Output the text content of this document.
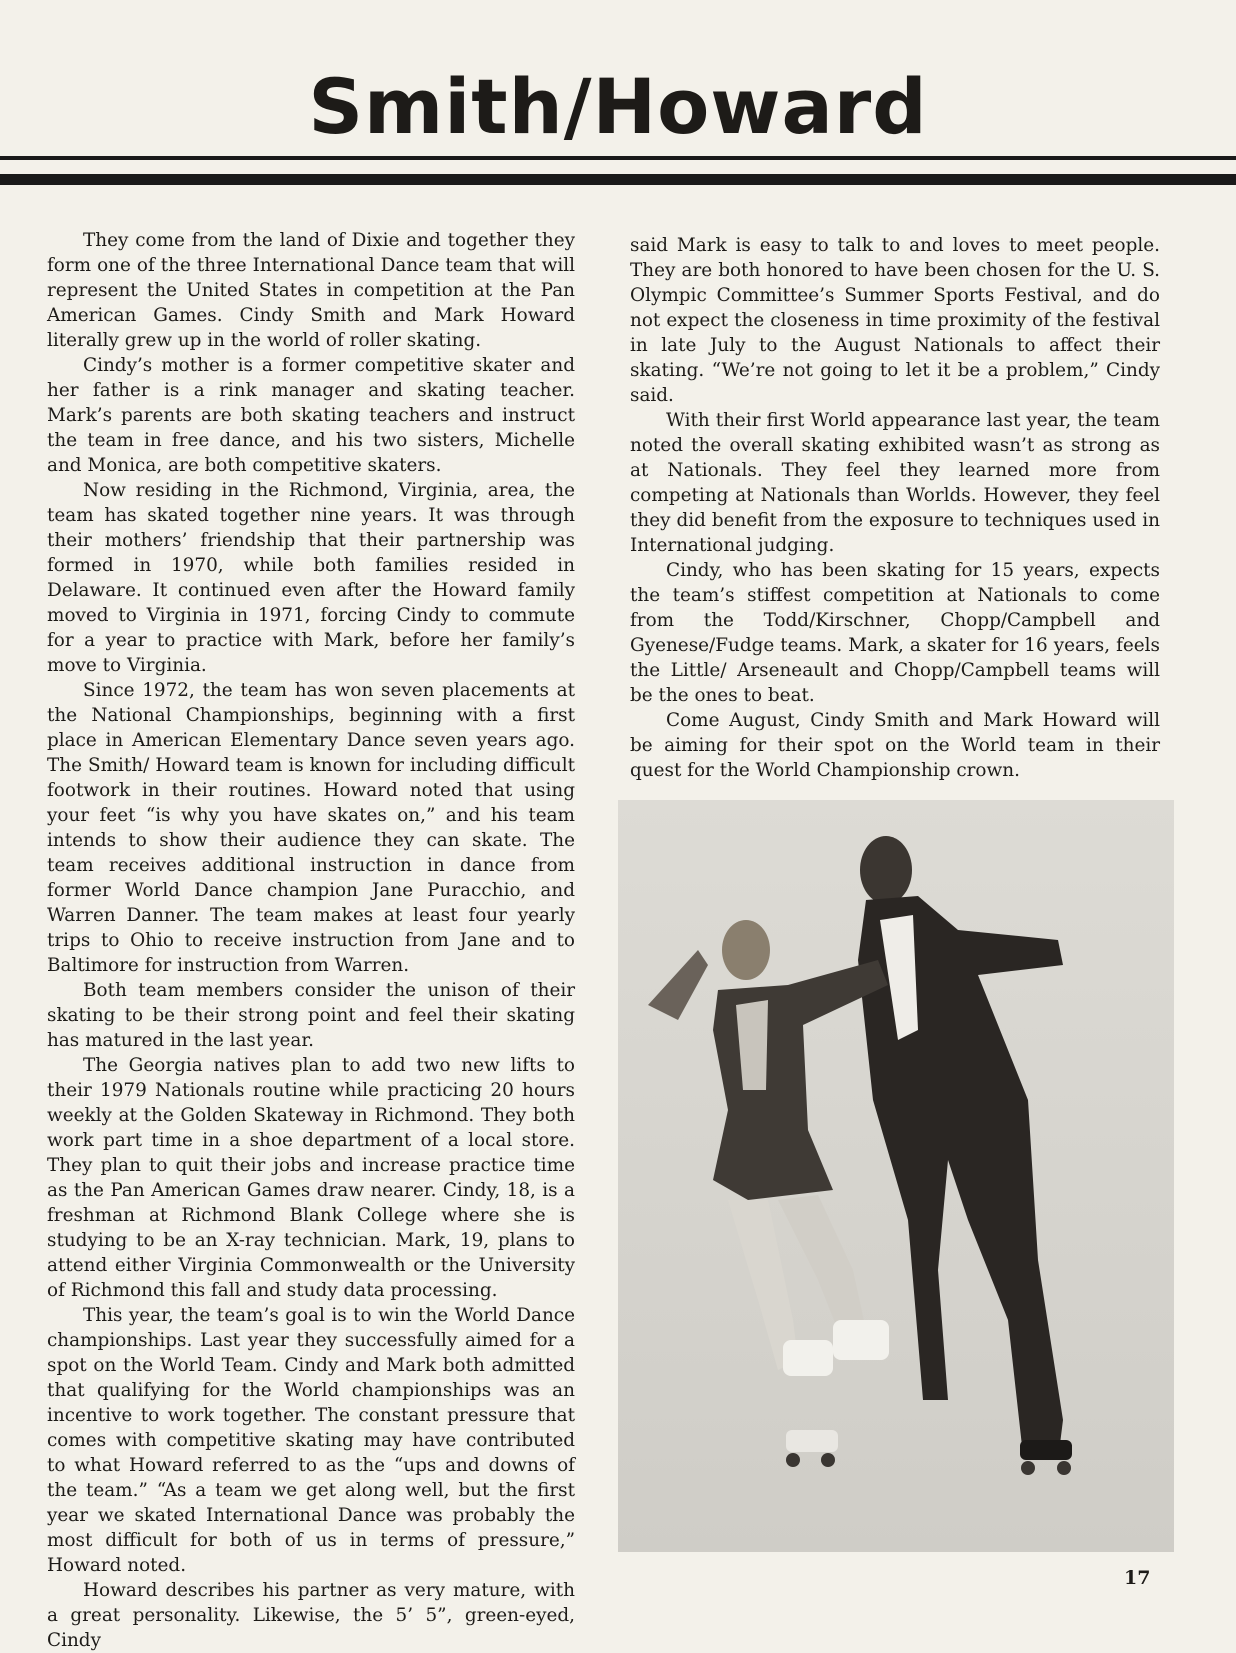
Smith/Howard

They come from the land of Dixie and together they form one of the three International Dance team that will represent the United States in competition at the Pan American Games. Cindy Smith and Mark Howard literally grew up in the world of roller skating.

Cindy’s mother is a former competitive skater and her father is a rink manager and skating teacher. Mark’s parents are both skating teachers and instruct the team in free dance, and his two sisters, Michelle and Monica, are both competitive skaters.

Now residing in the Richmond, Virginia, area, the team has skated together nine years. It was through their mothers’ friendship that their partnership was formed in 1970, while both families resided in Delaware. It continued even after the Howard family moved to Virginia in 1971, forcing Cindy to commute for a year to practice with Mark, before her family’s move to Virginia.

Since 1972, the team has won seven placements at the National Championships, beginning with a first place in American Elementary Dance seven years ago. The Smith/ Howard team is known for including difficult footwork in their routines. Howard noted that using your feet “is why you have skates on,” and his team intends to show their audience they can skate. The team receives additional instruction in dance from former World Dance champion Jane Puracchio, and Warren Danner. The team makes at least four yearly trips to Ohio to receive instruction from Jane and to Baltimore for instruction from Warren.

Both team members consider the unison of their skating to be their strong point and feel their skating has matured in the last year.

The Georgia natives plan to add two new lifts to their 1979 Nationals routine while practicing 20 hours weekly at the Golden Skateway in Richmond. They both work part time in a shoe department of a local store. They plan to quit their jobs and increase practice time as the Pan American Games draw nearer. Cindy, 18, is a freshman at Richmond Blank College where she is studying to be an X-ray technician. Mark, 19, plans to attend either Virginia Commonwealth or the University of Richmond this fall and study data processing.

This year, the team’s goal is to win the World Dance championships. Last year they successfully aimed for a spot on the World Team. Cindy and Mark both admitted that qualifying for the World championships was an incentive to work together. The constant pressure that comes with competitive skating may have contributed to what Howard referred to as the “ups and downs of the team.” “As a team we get along well, but the first year we skated International Dance was probably the most difficult for both of us in terms of pressure,” Howard noted.

Howard describes his partner as very mature, with a great personality. Likewise, the 5’ 5”, green-eyed, Cindy

said Mark is easy to talk to and loves to meet people. They are both honored to have been chosen for the U. S. Olympic Committee’s Summer Sports Festival, and do not expect the closeness in time proximity of the festival in late July to the August Nationals to affect their skating. “We’re not going to let it be a problem,” Cindy said.

With their first World appearance last year, the team noted the overall skating exhibited wasn’t as strong as at Nationals. They feel they learned more from competing at Nationals than Worlds. However, they feel they did benefit from the exposure to techniques used in International judging.

Cindy, who has been skating for 15 years, expects the team’s stiffest competition at Nationals to come from the Todd/Kirschner, Chopp/Campbell and Gyenese/Fudge teams. Mark, a skater for 16 years, feels the Little/ Arseneault and Chopp/Campbell teams will be the ones to beat.

Come August, Cindy Smith and Mark Howard will be aiming for their spot on the World team in their quest for the World Championship crown.

17
